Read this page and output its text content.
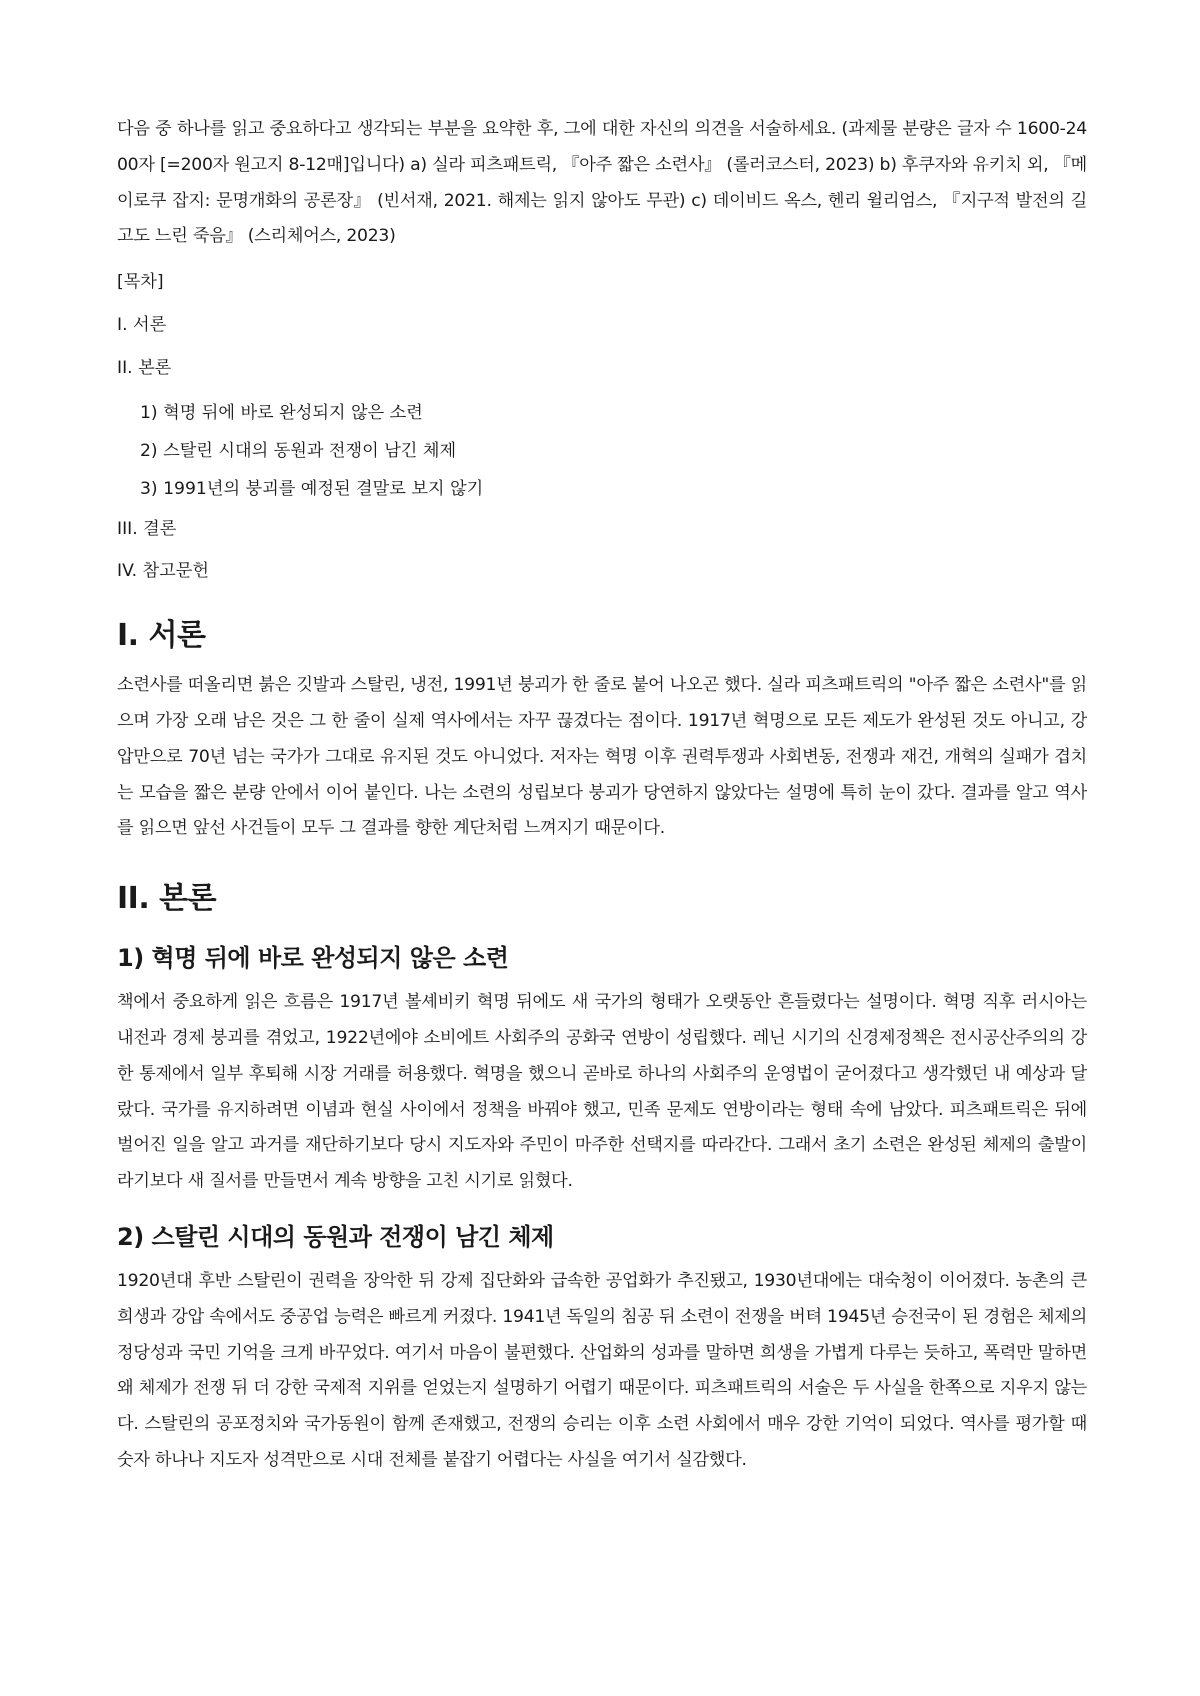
다음 중 하나를 읽고 중요하다고 생각되는 부분을 요약한 후, 그에 대한 자신의 의견을 서술하세요. (과제물 분량은 글자 수 1600-2400자 [=200자 원고지 8-12매]입니다) a) 실라 피츠패트릭, 『아주 짧은 소련사』 (롤러코스터, 2023) b) 후쿠자와 유키치 외, 『메이로쿠 잡지: 문명개화의 공론장』 (빈서재, 2021. 해제는 읽지 않아도 무관) c) 데이비드 옥스, 헨리 윌리엄스, 『지구적 발전의 길고도 느린 죽음』 (스리체어스, 2023)

[목차]

I. 서론

II. 본론

1) 혁명 뒤에 바로 완성되지 않은 소련
2) 스탈린 시대의 동원과 전쟁이 남긴 체제
3) 1991년의 붕괴를 예정된 결말로 보지 않기

III. 결론

IV. 참고문헌

I. 서론

소련사를 떠올리면 붉은 깃발과 스탈린, 냉전, 1991년 붕괴가 한 줄로 붙어 나오곤 했다. 실라 피츠패트릭의 "아주 짧은 소련사"를 읽으며 가장 오래 남은 것은 그 한 줄이 실제 역사에서는 자꾸 끊겼다는 점이다. 1917년 혁명으로 모든 제도가 완성된 것도 아니고, 강압만으로 70년 넘는 국가가 그대로 유지된 것도 아니었다. 저자는 혁명 이후 권력투쟁과 사회변동, 전쟁과 재건, 개혁의 실패가 겹치는 모습을 짧은 분량 안에서 이어 붙인다. 나는 소련의 성립보다 붕괴가 당연하지 않았다는 설명에 특히 눈이 갔다. 결과를 알고 역사를 읽으면 앞선 사건들이 모두 그 결과를 향한 계단처럼 느껴지기 때문이다.

II. 본론
1) 혁명 뒤에 바로 완성되지 않은 소련

책에서 중요하게 읽은 흐름은 1917년 볼셰비키 혁명 뒤에도 새 국가의 형태가 오랫동안 흔들렸다는 설명이다. 혁명 직후 러시아는 내전과 경제 붕괴를 겪었고, 1922년에야 소비에트 사회주의 공화국 연방이 성립했다. 레닌 시기의 신경제정책은 전시공산주의의 강한 통제에서 일부 후퇴해 시장 거래를 허용했다. 혁명을 했으니 곧바로 하나의 사회주의 운영법이 굳어졌다고 생각했던 내 예상과 달랐다. 국가를 유지하려면 이념과 현실 사이에서 정책을 바꿔야 했고, 민족 문제도 연방이라는 형태 속에 남았다. 피츠패트릭은 뒤에 벌어진 일을 알고 과거를 재단하기보다 당시 지도자와 주민이 마주한 선택지를 따라간다. 그래서 초기 소련은 완성된 체제의 출발이라기보다 새 질서를 만들면서 계속 방향을 고친 시기로 읽혔다.

2) 스탈린 시대의 동원과 전쟁이 남긴 체제

1920년대 후반 스탈린이 권력을 장악한 뒤 강제 집단화와 급속한 공업화가 추진됐고, 1930년대에는 대숙청이 이어졌다. 농촌의 큰 희생과 강압 속에서도 중공업 능력은 빠르게 커졌다. 1941년 독일의 침공 뒤 소련이 전쟁을 버텨 1945년 승전국이 된 경험은 체제의 정당성과 국민 기억을 크게 바꾸었다. 여기서 마음이 불편했다. 산업화의 성과를 말하면 희생을 가볍게 다루는 듯하고, 폭력만 말하면 왜 체제가 전쟁 뒤 더 강한 국제적 지위를 얻었는지 설명하기 어렵기 때문이다. 피츠패트릭의 서술은 두 사실을 한쪽으로 지우지 않는다. 스탈린의 공포정치와 국가동원이 함께 존재했고, 전쟁의 승리는 이후 소련 사회에서 매우 강한 기억이 되었다. 역사를 평가할 때 숫자 하나나 지도자 성격만으로 시대 전체를 붙잡기 어렵다는 사실을 여기서 실감했다.
